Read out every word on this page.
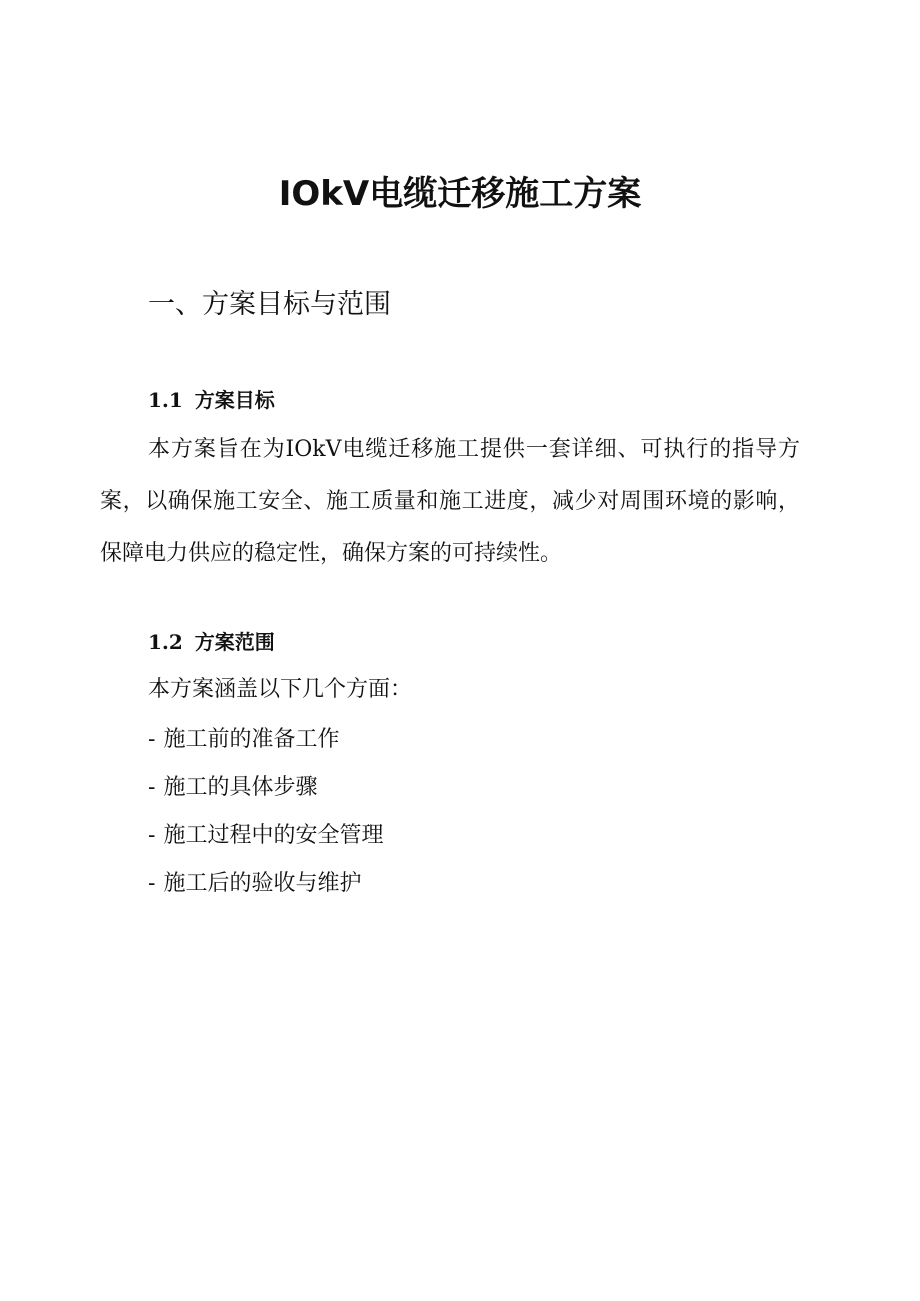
IOkV电缆迁移施工方案
一、方案目标与范围
1.1 方案目标

本方案旨在为IOkV电缆迁移施工提供一套详细、可执行的指导方案，以确保施工安全、施工质量和施工进度，减少对周围环境的影响，保障电力供应的稳定性，确保方案的可持续性。

1.2 方案范围

本方案涵盖以下几个方面：

- 施工前的准备工作
- 施工的具体步骤
- 施工过程中的安全管理
- 施工后的验收与维护
